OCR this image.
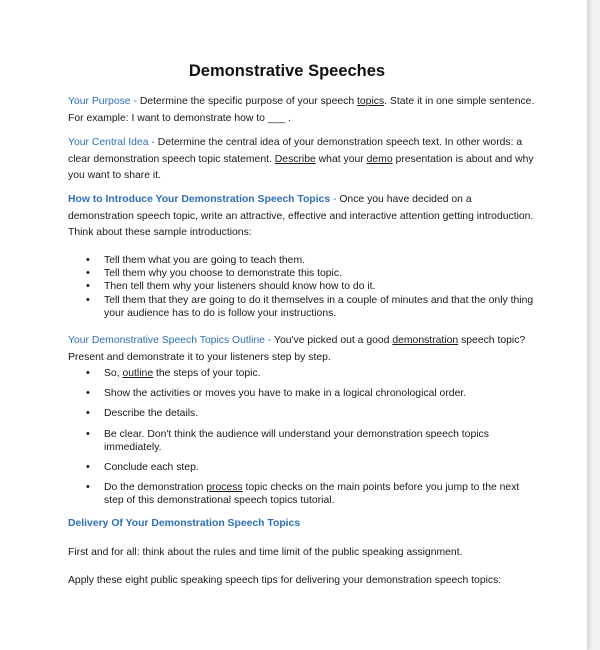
Demonstrative Speeches

Your Purpose - Determine the specific purpose of your speech topics. State it in one simple sentence.
For example: I want to demonstrate how to ___ .

Your Central Idea - Determine the central idea of your demonstration speech text. In other words: a clear demonstration speech topic statement. Describe what your demo presentation is about and why you want to share it.

How to Introduce Your Demonstration Speech Topics - Once you have decided on a demonstration speech topic, write an attractive, effective and interactive attention getting introduction. Think about these sample introductions:

• Tell them what you are going to teach them.
• Tell them why you choose to demonstrate this topic.
• Then tell them why your listeners should know how to do it.
• Tell them that they are going to do it themselves in a couple of minutes and that the only thing your audience has to do is follow your instructions.

Your Demonstrative Speech Topics Outline - You've picked out a good demonstration speech topic? Present and demonstrate it to your listeners step by step.

• So, outline the steps of your topic.
• Show the activities or moves you have to make in a logical chronological order.
• Describe the details.
• Be clear. Don't think the audience will understand your demonstration speech topics immediately.
• Conclude each step.
• Do the demonstration process topic checks on the main points before you jump to the next step of this demonstrational speech topics tutorial.
Delivery Of Your Demonstration Speech Topics

First and for all: think about the rules and time limit of the public speaking assignment.

Apply these eight public speaking speech tips for delivering your demonstration speech topics:
